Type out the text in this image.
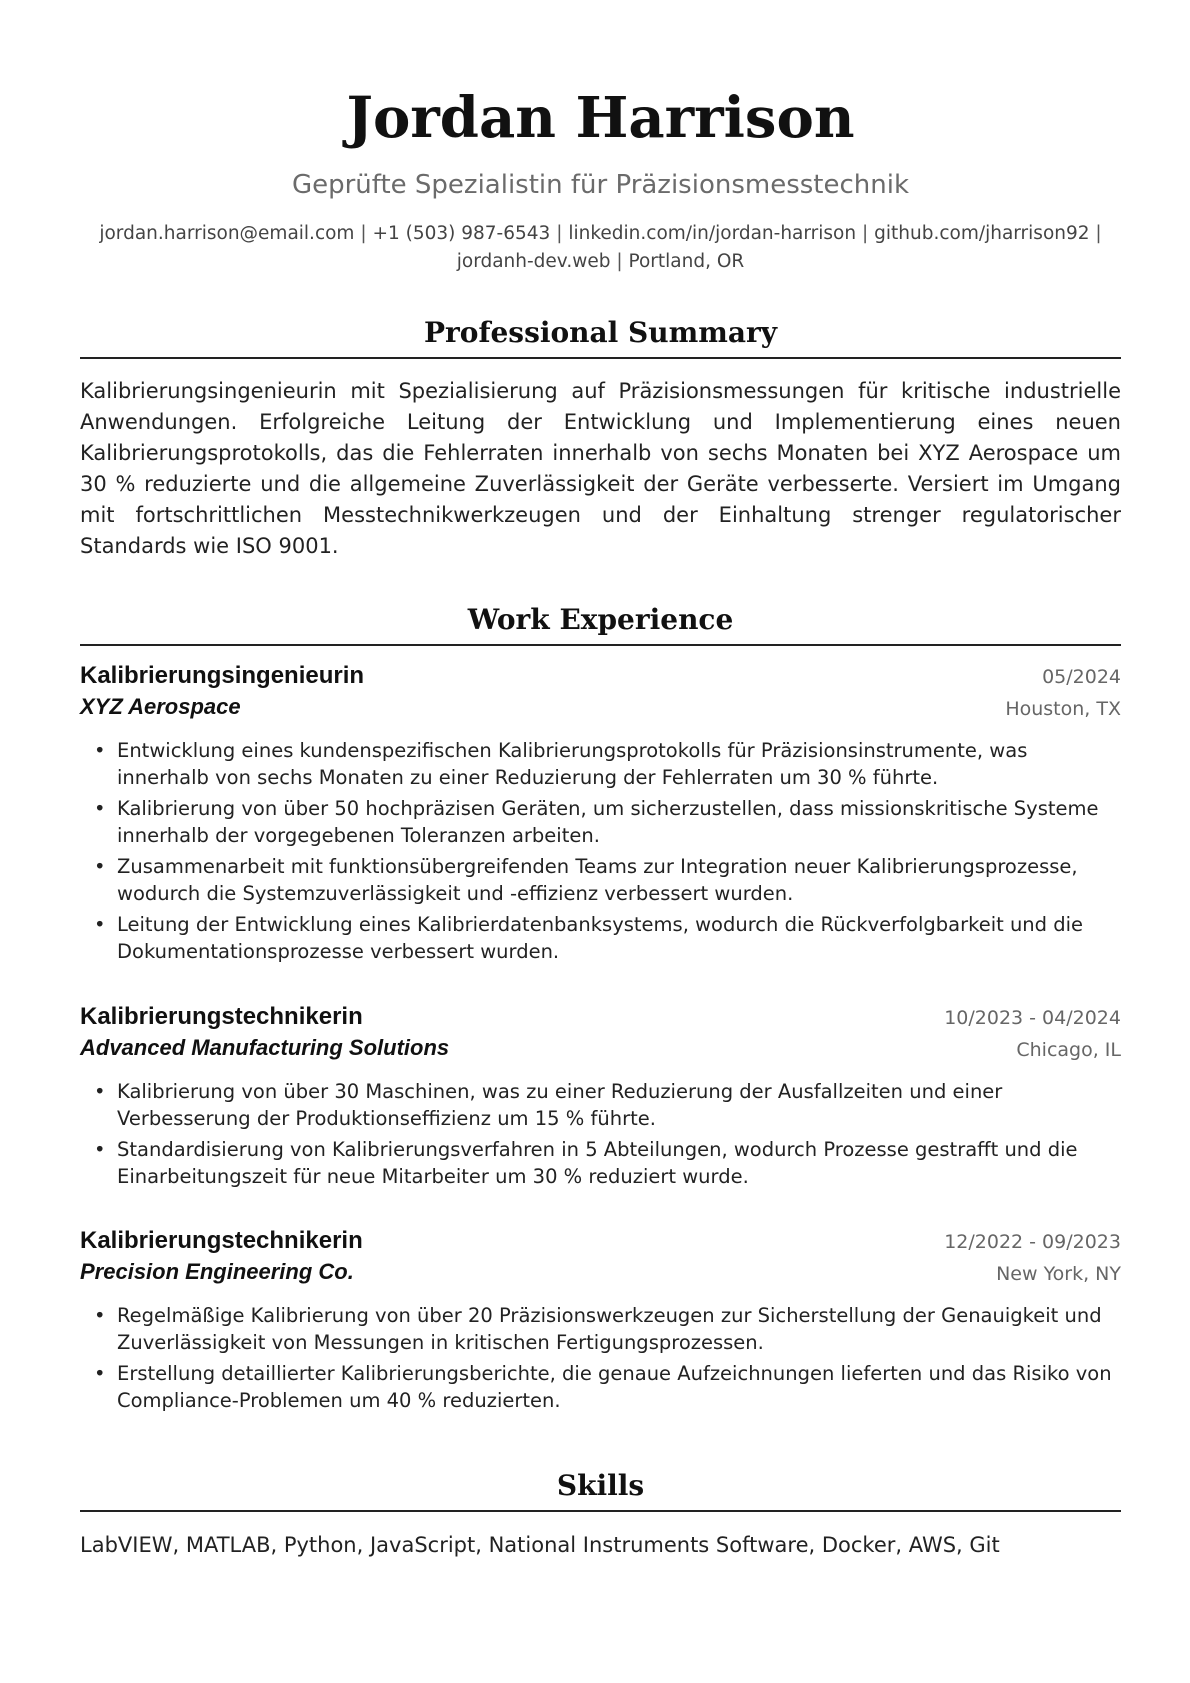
Jordan Harrison
Geprüfte Spezialistin für Präzisionsmesstechnik
jordan.harrison@email.com | +1 (503) 987-6543 | linkedin.com/in/jordan-harrison | github.com/jharrison92 |
jordanh-dev.web | Portland, OR
Professional Summary
Kalibrierungsingenieurin mit Spezialisierung auf Präzisionsmessungen für kritische industrielle Anwendungen. Erfolgreiche Leitung der Entwicklung und Implementierung eines neuen Kalibrierungsprotokolls, das die Fehlerraten innerhalb von sechs Monaten bei XYZ Aerospace um 30 % reduzierte und die allgemeine Zuverlässigkeit der Geräte verbesserte. Versiert im Umgang mit fortschrittlichen Messtechnikwerkzeugen und der Einhaltung strenger regulatorischer Standards wie ISO 9001.
Work Experience
Kalibrierungsingenieurin
XYZ Aerospace
05/2024
Houston, TX
• Entwicklung eines kundenspezifischen Kalibrierungsprotokolls für Präzisionsinstrumente, was innerhalb von sechs Monaten zu einer Reduzierung der Fehlerraten um 30 % führte.
• Kalibrierung von über 50 hochpräzisen Geräten, um sicherzustellen, dass missionskritische Systeme innerhalb der vorgegebenen Toleranzen arbeiten.
• Zusammenarbeit mit funktionsübergreifenden Teams zur Integration neuer Kalibrierungsprozesse, wodurch die Systemzuverlässigkeit und -effizienz verbessert wurden.
• Leitung der Entwicklung eines Kalibrierdatenbanksystems, wodurch die Rückverfolgbarkeit und die Dokumentationsprozesse verbessert wurden.
Kalibrierungstechnikerin
Advanced Manufacturing Solutions
10/2023 - 04/2024
Chicago, IL
• Kalibrierung von über 30 Maschinen, was zu einer Reduzierung der Ausfallzeiten und einer Verbesserung der Produktionseffizienz um 15 % führte.
• Standardisierung von Kalibrierungsverfahren in 5 Abteilungen, wodurch Prozesse gestrafft und die Einarbeitungszeit für neue Mitarbeiter um 30 % reduziert wurde.
Kalibrierungstechnikerin
Precision Engineering Co.
12/2022 - 09/2023
New York, NY
• Regelmäßige Kalibrierung von über 20 Präzisionswerkzeugen zur Sicherstellung der Genauigkeit und Zuverlässigkeit von Messungen in kritischen Fertigungsprozessen.
• Erstellung detaillierter Kalibrierungsberichte, die genaue Aufzeichnungen lieferten und das Risiko von Compliance-Problemen um 40 % reduzierten.
Skills
LabVIEW, MATLAB, Python, JavaScript, National Instruments Software, Docker, AWS, Git
